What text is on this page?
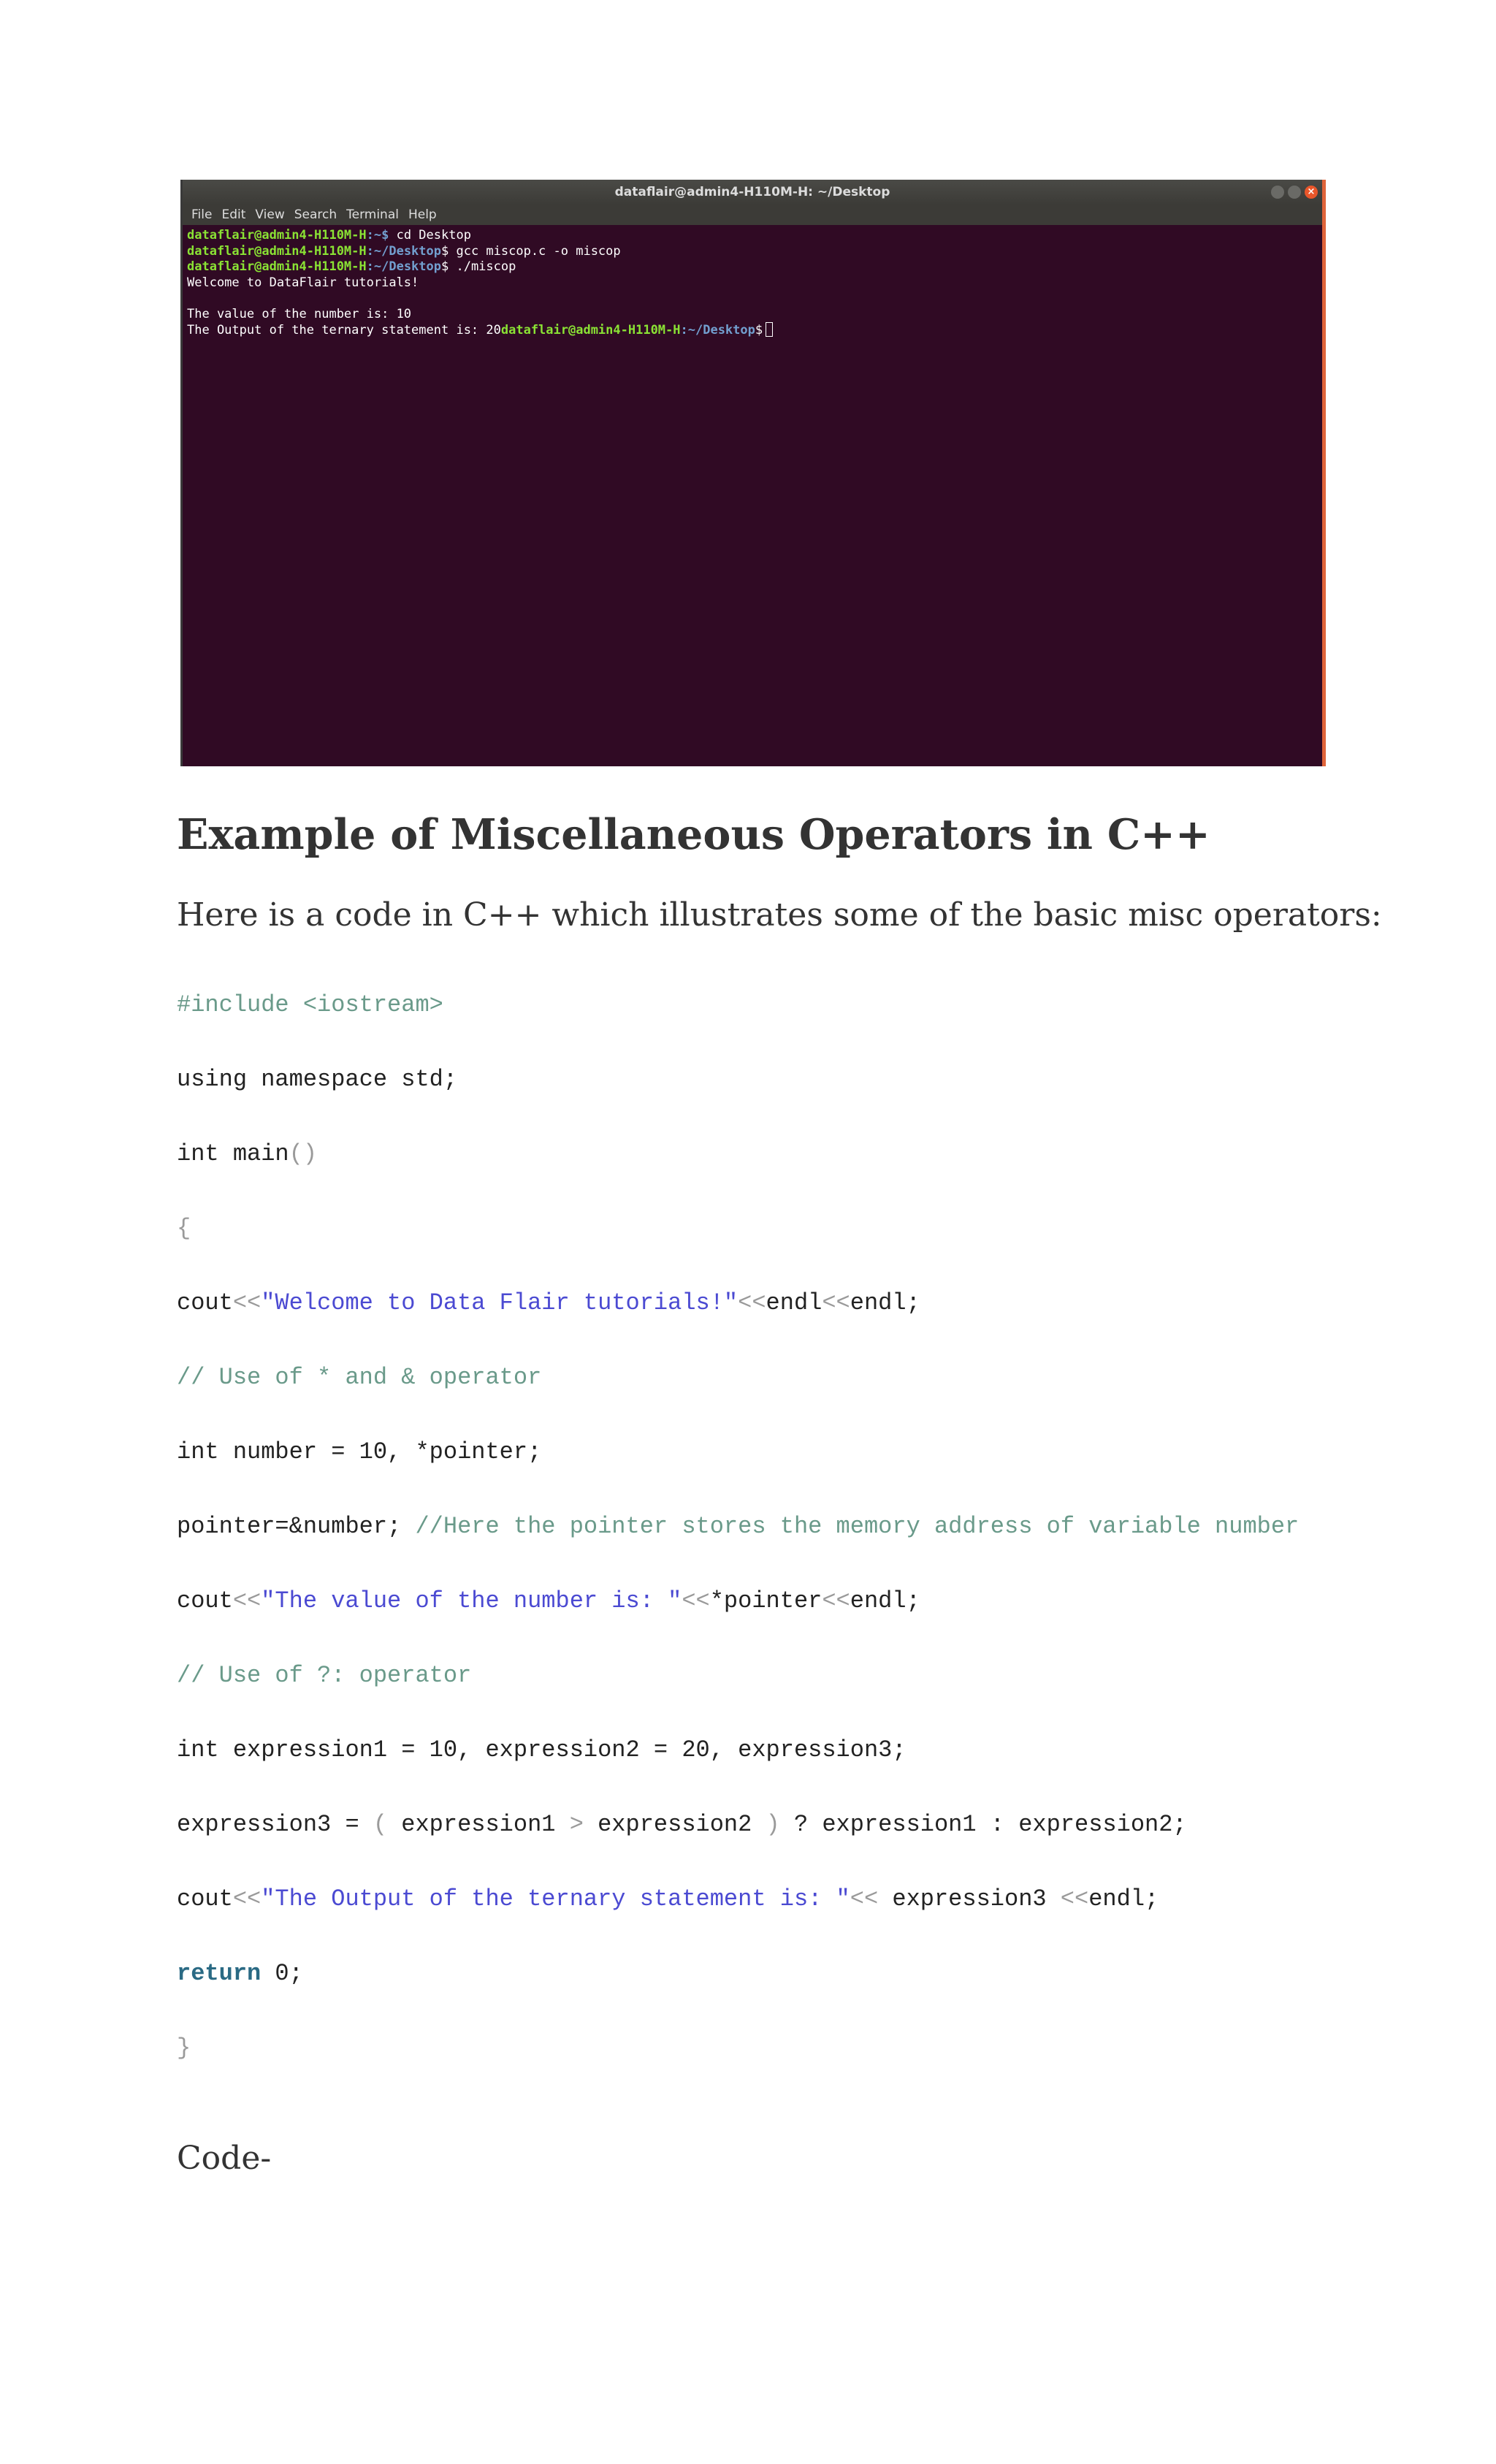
dataflair@admin4-H110M-H: ~/Desktop	×
File Edit View Search Terminal Help
dataflair@admin4-H110M-H:~$ cd Desktop
dataflair@admin4-H110M-H:~/Desktop$ gcc miscop.c -o miscop
dataflair@admin4-H110M-H:~/Desktop$ ./miscop
Welcome to DataFlair tutorials!

The value of the number is: 10
The Output of the ternary statement is: 20dataflair@admin4-H110M-H:~/Desktop$
Example of Miscellaneous Operators in C++

Here is a code in C++ which illustrates some of the basic misc operators:

#include <iostream>
using namespace std;
int main()
{
cout<<"Welcome to Data Flair tutorials!"<<endl<<endl;
// Use of * and & operator
int number = 10, *pointer;
pointer=&number; //Here the pointer stores the memory address of variable number
cout<<"The value of the number is: "<<*pointer<<endl;
// Use of ?: operator
int expression1 = 10, expression2 = 20, expression3;
expression3 = ( expression1 > expression2 ) ? expression1 : expression2;
cout<<"The Output of the ternary statement is: "<< expression3 <<endl;
return 0;
}

Code-
